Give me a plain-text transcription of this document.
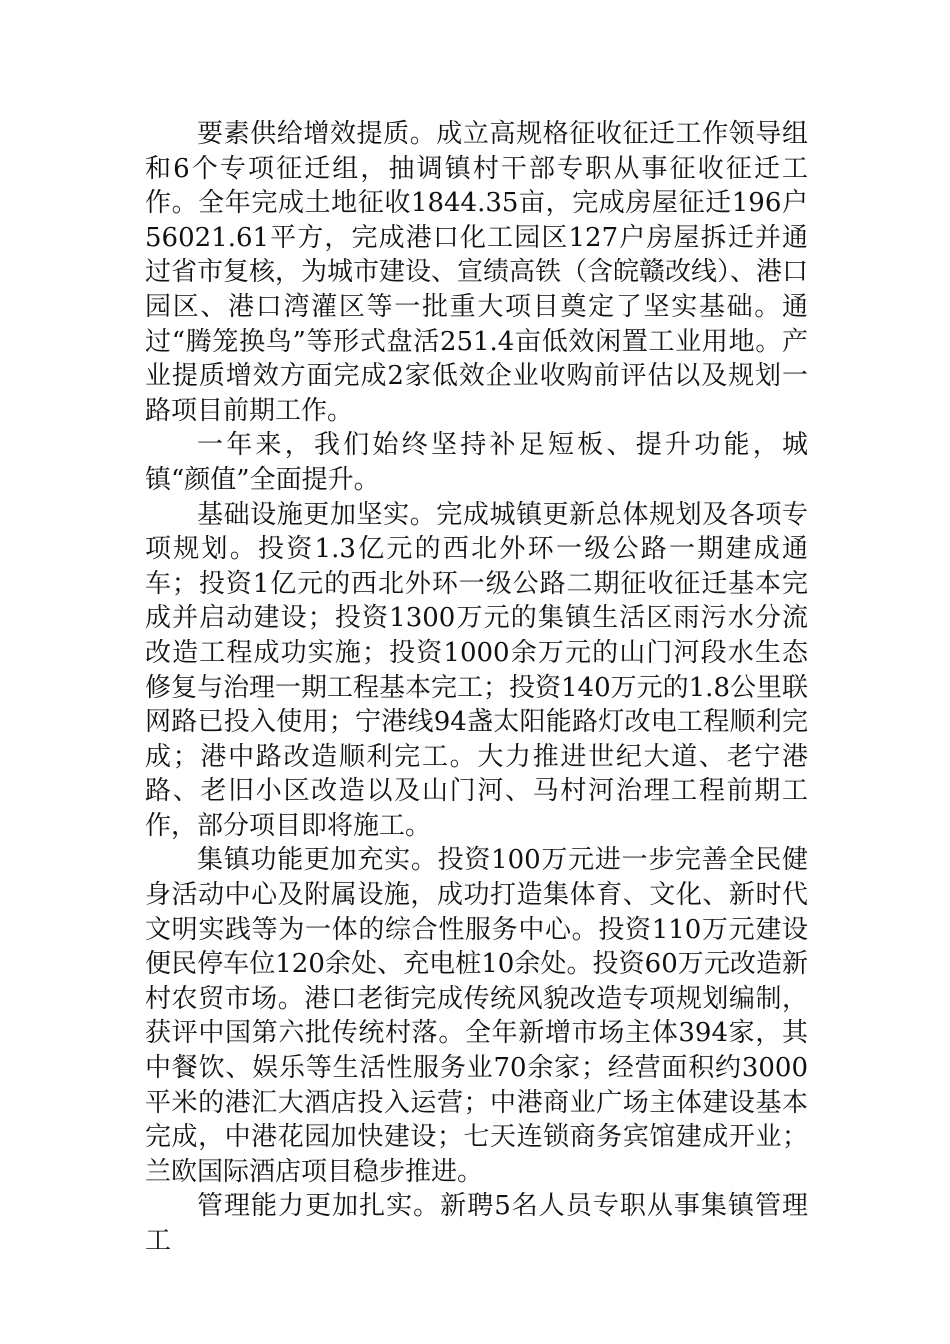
要素供给增效提质。成立高规格征收征迁工作领导组和6个专项征迁组，抽调镇村干部专职从事征收征迁工作。全年完成土地征收1844.35亩，完成房屋征迁196户56021.61平方，完成港口化工园区127户房屋拆迁并通过省市复核，为城市建设、宣绩高铁（含皖赣改线）、港口园区、港口湾灌区等一批重大项目奠定了坚实基础。通过“腾笼换鸟”等形式盘活251.4亩低效闲置工业用地。产业提质增效方面完成2家低效企业收购前评估以及规划一路项目前期工作。

一年来，我们始终坚持补足短板、提升功能，城镇“颜值”全面提升。

基础设施更加坚实。完成城镇更新总体规划及各项专项规划。投资1.3亿元的西北外环一级公路一期建成通车；投资1亿元的西北外环一级公路二期征收征迁基本完成并启动建设；投资1300万元的集镇生活区雨污水分流改造工程成功实施；投资1000余万元的山门河段水生态修复与治理一期工程基本完工；投资140万元的1.8公里联网路已投入使用；宁港线94盏太阳能路灯改电工程顺利完成；港中路改造顺利完工。大力推进世纪大道、老宁港路、老旧小区改造以及山门河、马村河治理工程前期工作，部分项目即将施工。

集镇功能更加充实。投资100万元进一步完善全民健身活动中心及附属设施，成功打造集体育、文化、新时代文明实践等为一体的综合性服务中心。投资110万元建设便民停车位120余处、充电桩10余处。投资60万元改造新村农贸市场。港口老街完成传统风貌改造专项规划编制，获评中国第六批传统村落。全年新增市场主体394家，其中餐饮、娱乐等生活性服务业70余家；经营面积约3000平米的港汇大酒店投入运营；中港商业广场主体建设基本完成，中港花园加快建设；七天连锁商务宾馆建成开业；兰欧国际酒店项目稳步推进。

管理能力更加扎实。新聘5名人员专职从事集镇管理工
